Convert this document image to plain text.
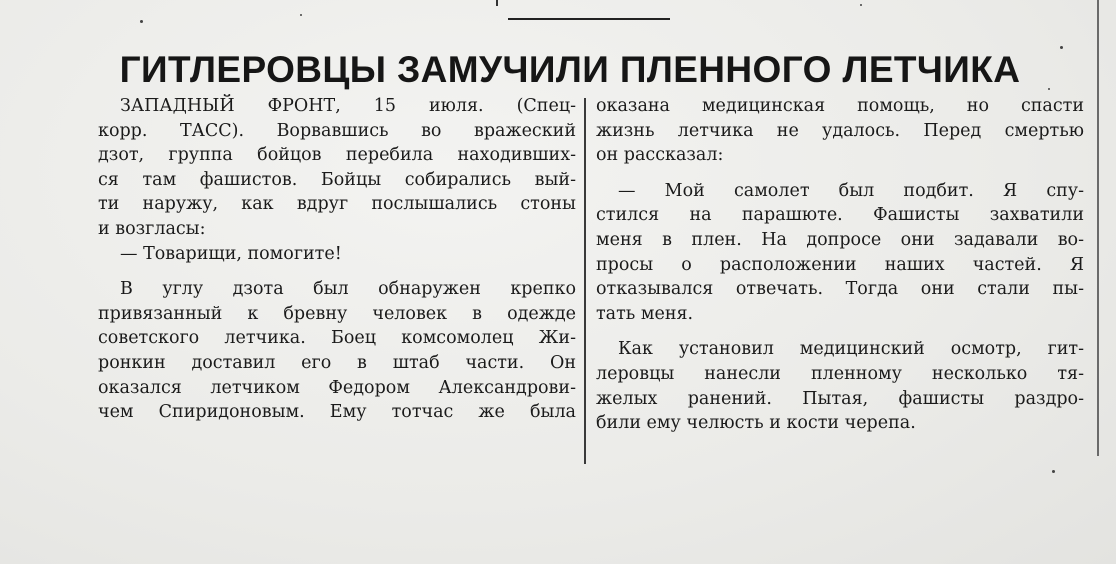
ГИТЛЕРОВЦЫ ЗАМУЧИЛИ ПЛЕННОГО ЛЕТЧИКА
ЗАПАДНЫЙ ФРОНТ, 15 июля. (Спец-
корр. ТАСС). Ворвавшись во вражеский
дзот, группа бойцов перебила находивших-
ся там фашистов. Бойцы собирались вый-
ти наружу, как вдруг послышались стоны
и возгласы:
— Товарищи, помогите!
В углу дзота был обнаружен крепко
привязанный к бревну человек в одежде
советского летчика. Боец комсомолец Жи-
ронкин доставил его в штаб части. Он
оказался летчиком Федором Александрови-
чем Спиридоновым. Ему тотчас же была
оказана медицинская помощь, но спасти
жизнь летчика не удалось. Перед смертью
он рассказал:
— Мой самолет был подбит. Я спу-
стился на парашюте. Фашисты захватили
меня в плен. На допросе они задавали во-
просы о расположении наших частей. Я
отказывался отвечать. Тогда они стали пы-
тать меня.
Как установил медицинский осмотр, гит-
леровцы нанесли пленному несколько тя-
желых ранений. Пытая, фашисты раздро-
били ему челюсть и кости черепа.
